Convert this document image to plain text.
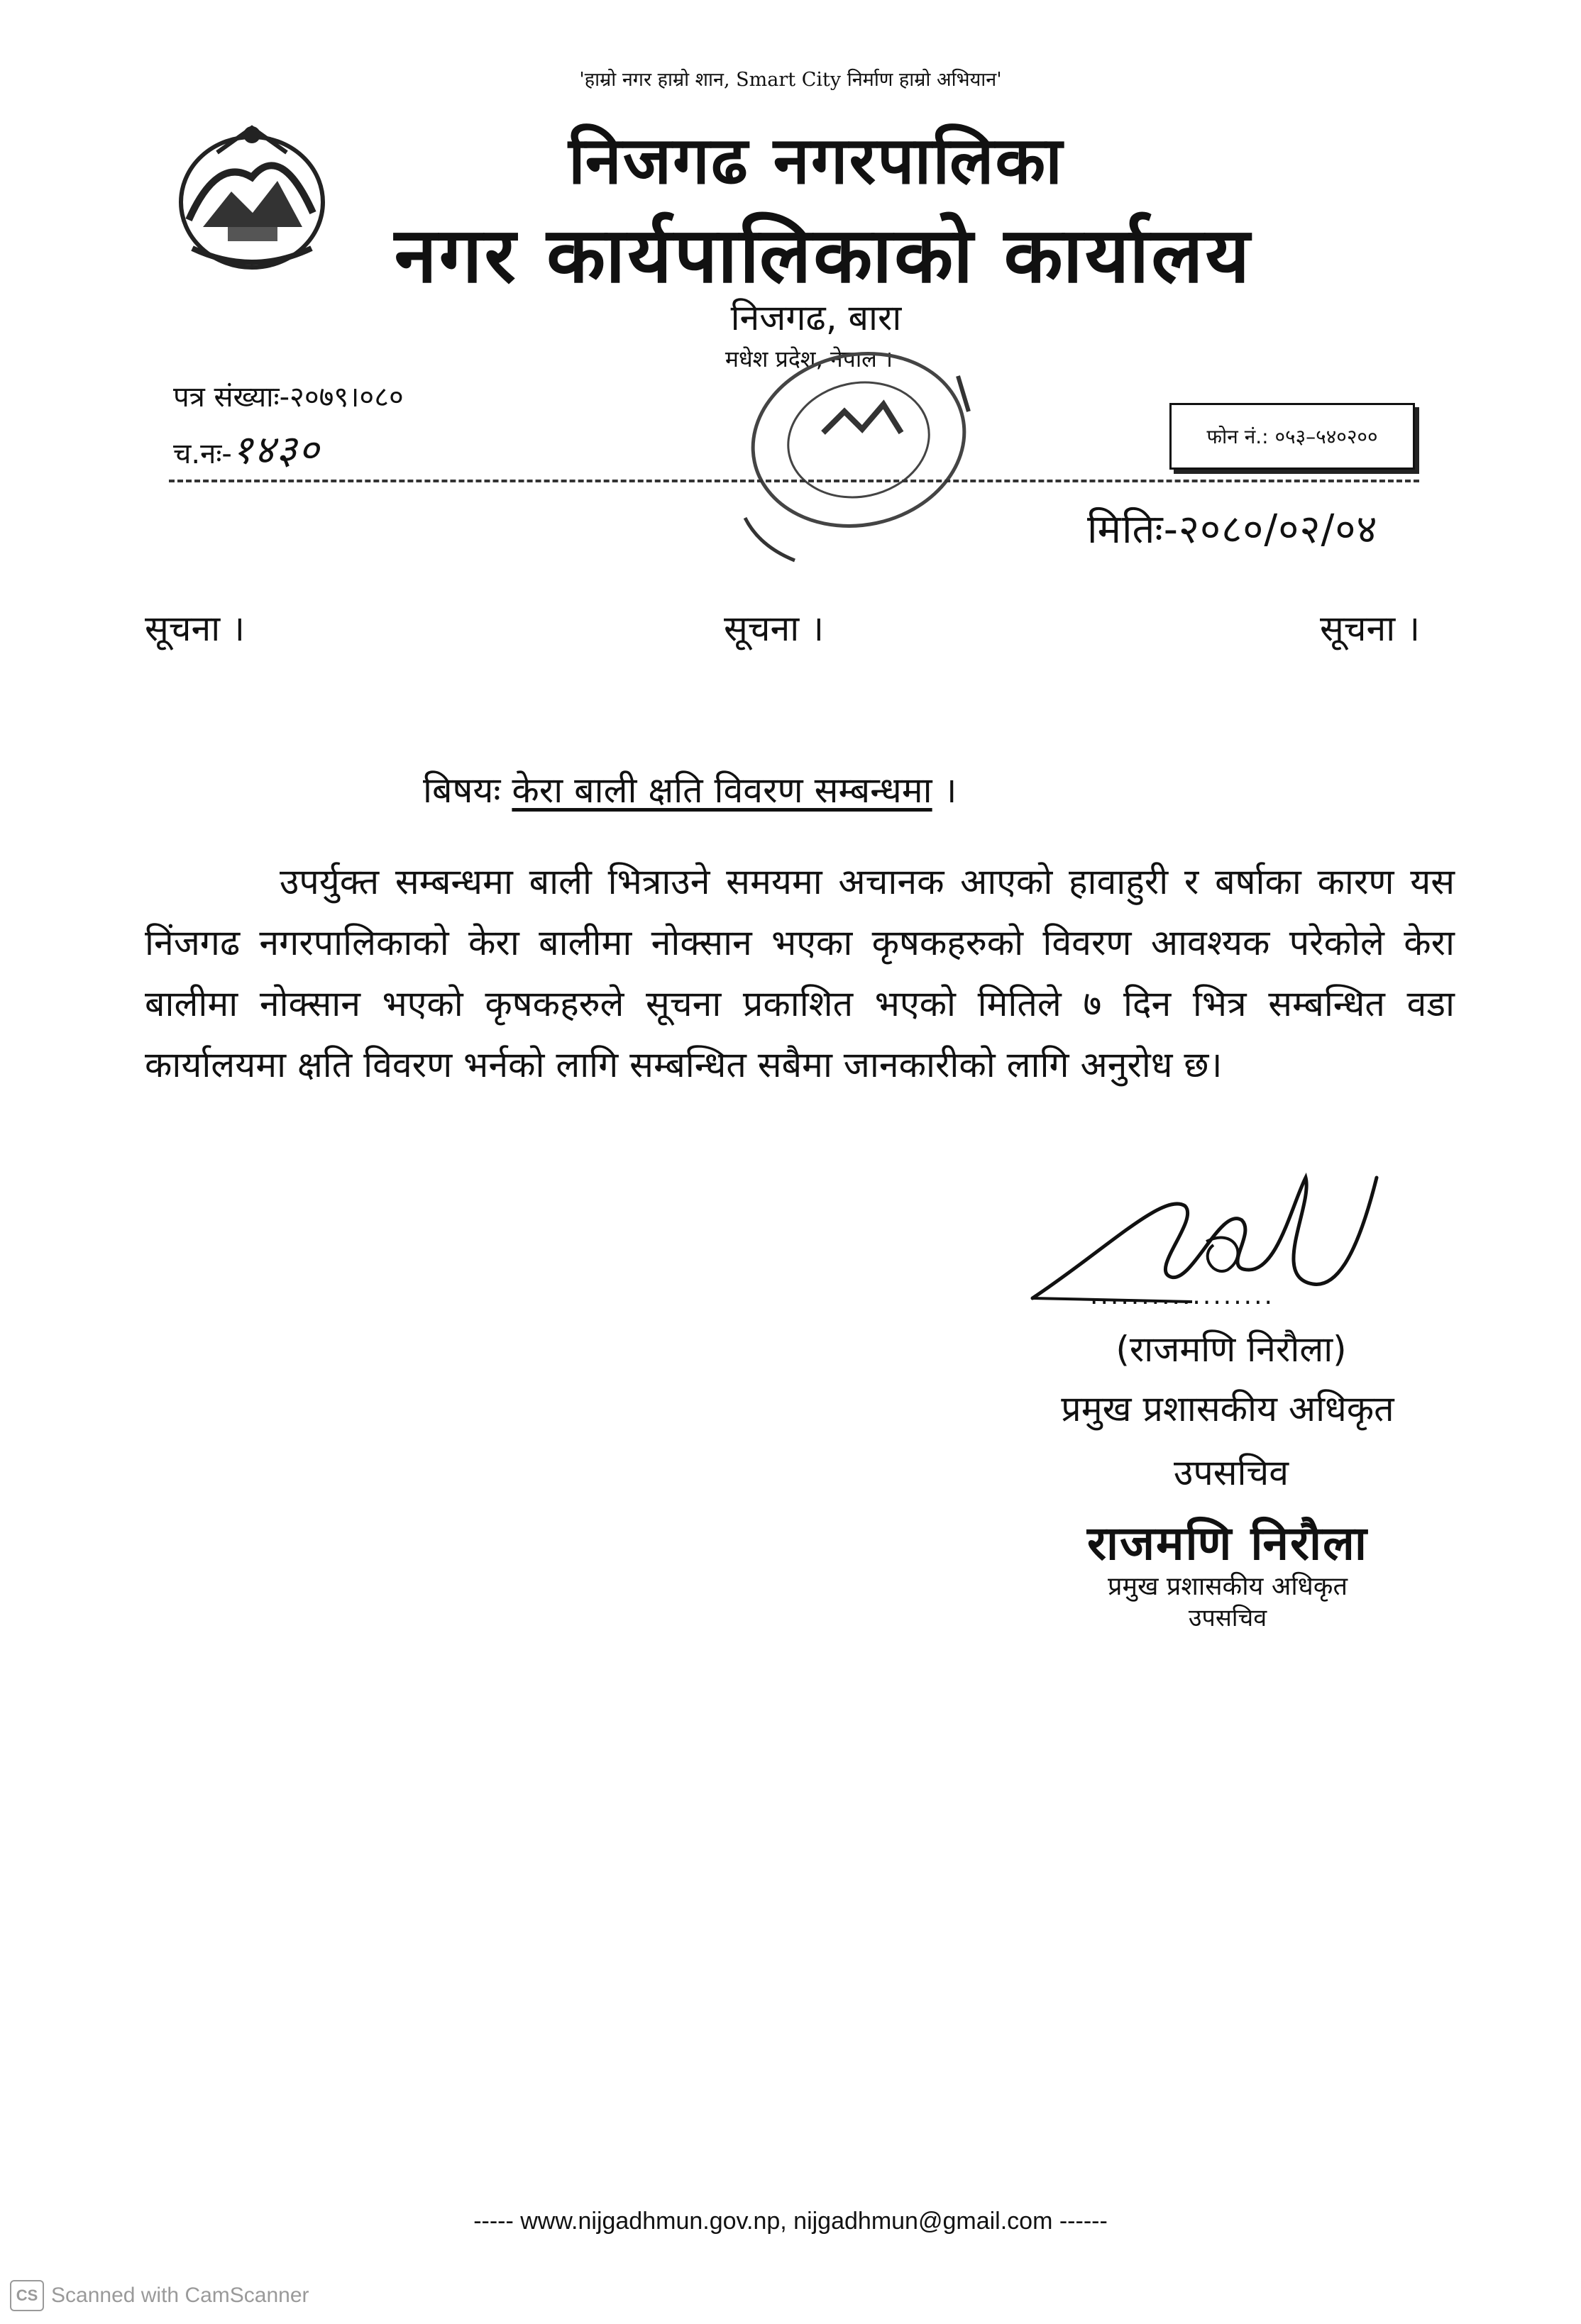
'हाम्रो नगर हाम्रो शान, Smart City निर्माण हाम्रो अभियान'
निजगढ नगरपालिका
नगर कार्यपालिकाको कार्यालय
निजगढ, बारा
मधेश प्रदेश, नेपाल ।
पत्र संख्याः-२०७९।०८०
च.नः-१४३०	फोन नं.: ०५३–५४०२००
मितिः-२०८०/०२/०४
सूचना ।	सूचना ।	सूचना ।
बिषयः केरा बाली क्षति विवरण सम्बन्धमा ।
उपर्युक्त सम्बन्धमा बाली भित्राउने समयमा अचानक आएको हावाहुरी र बर्षाका कारण यस निंजगढ नगरपालिकाको केरा बालीमा नोक्सान भएका कृषकहरुको विवरण आवश्यक परेकोले केरा बालीमा नोक्सान भएको कृषकहरुले सूचना प्रकाशित भएको मितिले ७ दिन भित्र सम्बन्धित वडा कार्यालयमा क्षति विवरण भर्नको लागि सम्बन्धित सबैमा जानकारीको लागि अनुरोध छ।
..................
(राजमणि निरौला)
प्रमुख प्रशासकीय अधिकृत
उपसचिव
राजमणि निरौला
प्रमुख प्रशासकीय अधिकृत
उपसचिव
----- www.nijgadhmun.gov.np, nijgadhmun@gmail.com ------
CS Scanned with CamScanner
